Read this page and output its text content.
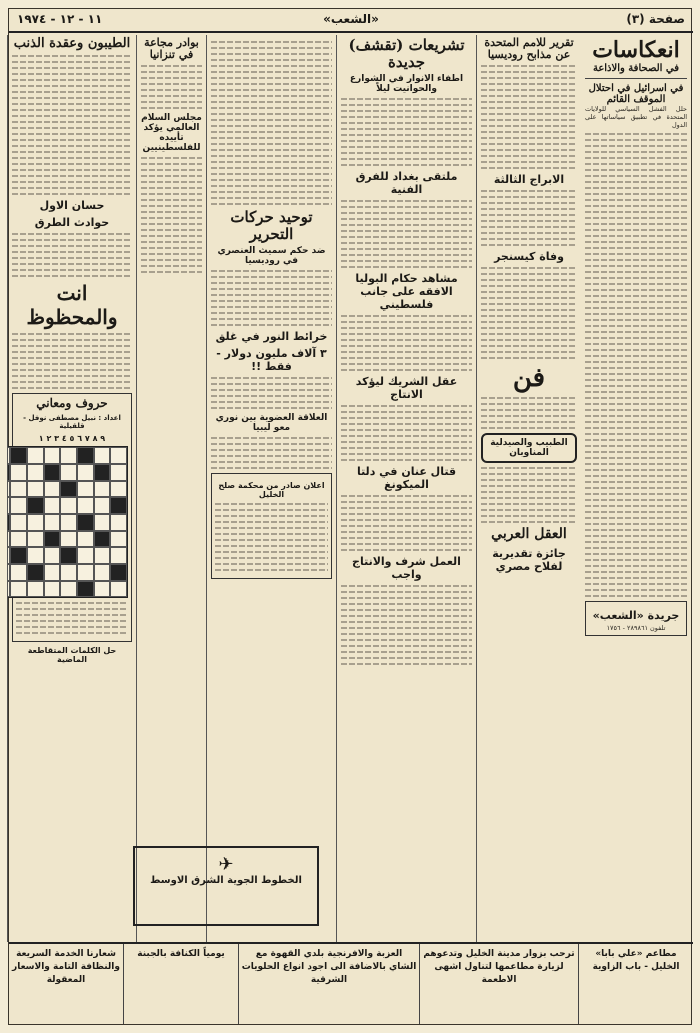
صفحة (٣)
«الشعب»
١١ - ١٢ - ١٩٧٤
انعكاسات
في الصحافة والاذاعة
في اسرائيل في احتلال الموقف القائم
حلل الفشل السياسي للولايات المتحدة في تطبيق سياساتها على الدول
جريدة «الشعب»
تلفون ٢٨٩٨٦١ - ١٧٥٦
تقرير للامم المتحدة عن مذابح روديسيا
الابراج الثالثة
وفاة كيسنجر
فن
الطبيب والصيدلية المناوبان
العقل العربي
جائزة تقديرية لفلاح مصري
تشريعات (تقشف) جديدة
اطفاء الانوار في الشوارع والحوانيت ليلاً
ملتقى بغداد للفرق الفنية
مشاهد حكام البوليا الافقه على جانب فلسطيني
عقل الشريك ليؤكد الانتاج
قتال عنان في دلتا الميكونغ
العمل شرف والانتاج واجب
توحيد حركات التحرير
ضد حكم سميث العنصري في روديسيا
خرائط النور في غلق
٣ آلاف مليون دولار - فقط !!
العلاقة العضوية بين نوري معو ليبيا
اعلان صادر من محكمة صلح الخليل
بوادر مجاعة في تنزانيا
مجلس السلام العالمي يؤكد تأييده للفلسطينيين
الطيبون وعقدة الذنب
حسان الاول
حوادث الطرق
انت والمحظوظ
حروف ومعاني
اعداد : نبيل مصطفى نوفل - قلقيلية
٩ ٨ ٧ ٦ ٥ ٤ ٣ ٢ ١
حل الكلمات المتقاطعة الماضية
✈
الخطوط الجوية الشرق الاوسط
مطاعم «علي بابا» الخليل - باب الزاوية
ترحب بزوار مدينة الخليل وتدعوهم لزيارة مطاعمها لتناول اشهى الاطعمة
العزبة والافرنجية بلدي القهوة مع الشاي بالاضافة الى اجود انواع الحلويات الشرقية
يومياً الكنافة بالجبنة
شعارنا الخدمة السريعة والنظافة التامة والاسعار المعقولة
